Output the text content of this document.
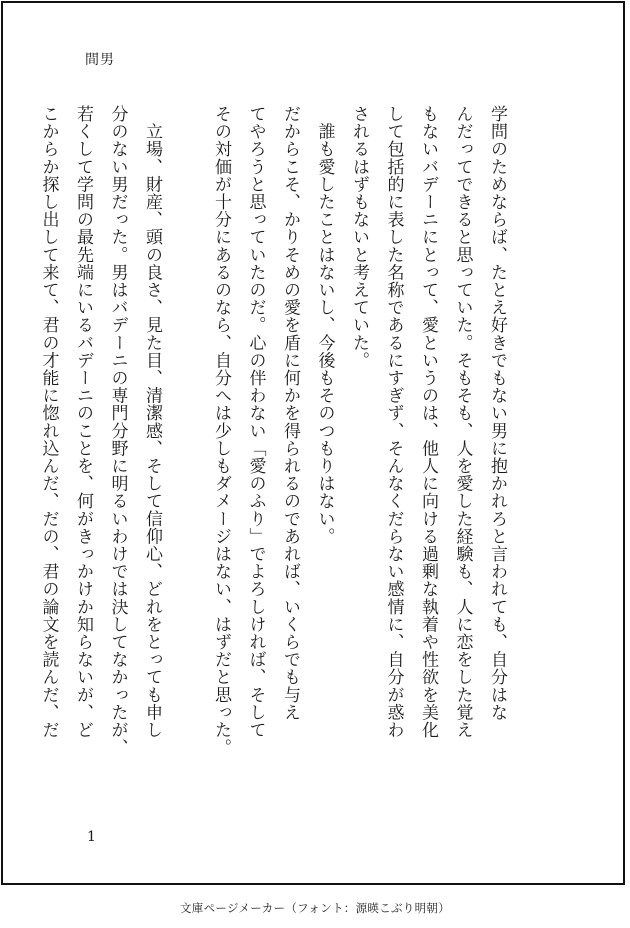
間男
学問のためならば、たとえ好きでもない男に抱かれろと言われても、自分はな
んだってできると思っていた。そもそも、人を愛した経験も、人に恋をした覚え
もないバデーニにとって、愛というのは、他人に向ける過剰な執着や性欲を美化
して包括的に表した名称であるにすぎず、そんなくだらない感情に、自分が惑わ
されるはずもないと考えていた。
　誰も愛したことはないし、今後もそのつもりはない。
だからこそ、かりそめの愛を盾に何かを得られるのであれば、いくらでも与え
てやろうと思っていたのだ。心の伴わない「愛のふり」でよろしければ、そして
その対価が十分にあるのなら、自分へは少しもダメージはない、はずだと思った。
　立場、財産、頭の良さ、見た目、清潔感、そして信仰心、どれをとっても申し
分のない男だった。男はバデーニの専門分野に明るいわけでは決してなかったが、
若くして学問の最先端にいるバデーニのことを、何がきっかけか知らないが、ど
こからか探し出して来て、君の才能に惚れ込んだ、だの、君の論文を読んだ、だ
1
文庫ページメーカー（フォント：源暎こぶり明朝）
